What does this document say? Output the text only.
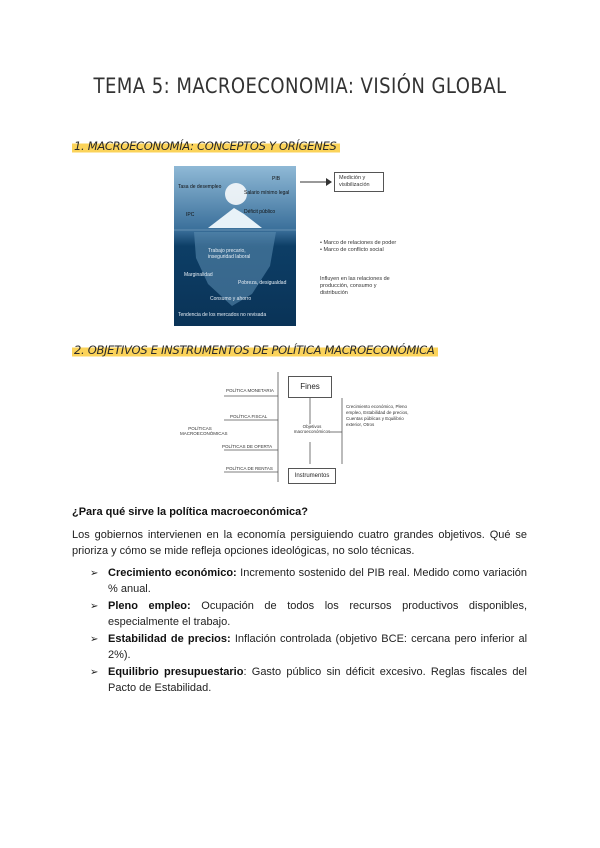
TEMA 5: MACROECONOMIA: VISIÓN GLOBAL
1. MACROECONOMÍA: CONCEPTOS Y ORÍGENES
Tasa de desempleo
PIB
Salario mínimo legal
IPC	Déficit público
Trabajo precario, inseguridad laboral
Marginalidad
Pobreza, desigualdad
Consumo y ahorro
Tendencia de los mercados no revisada
Medición y visibilización
• Marco de relaciones de poder
• Marco de conflicto social
Influyen en las relaciones de producción, consumo y distribución
2. OBJETIVOS E INSTRUMENTOS DE POLÍTICA MACROECONÓMICA
POLÍTICA MONETARIA
POLÍTICA FISCAL
POLÍTICAS DE OFERTA
POLÍTICA DE RENTAS
POLÍTICAS MACROECONÓMICAS
Fines
Objetivos macroeconómicos
Instrumentos
Crecimiento económico, Pleno empleo, Estabilidad de precios, Cuentas públicas y Equilibrio exterior, Otros
¿Para qué sirve la política macroeconómica?
Los gobiernos intervienen en la economía persiguiendo cuatro grandes objetivos. Qué se prioriza y cómo se mide refleja opciones ideológicas, no solo técnicas.
➢ Crecimiento económico: Incremento sostenido del PIB real. Medido como variación % anual.
➢ Pleno empleo: Ocupación de todos los recursos productivos disponibles, especialmente el trabajo.
➢ Estabilidad de precios: Inflación controlada (objetivo BCE: cercana pero inferior al 2%).
➢ Equilibrio presupuestario: Gasto público sin déficit excesivo. Reglas fiscales del Pacto de Estabilidad.
